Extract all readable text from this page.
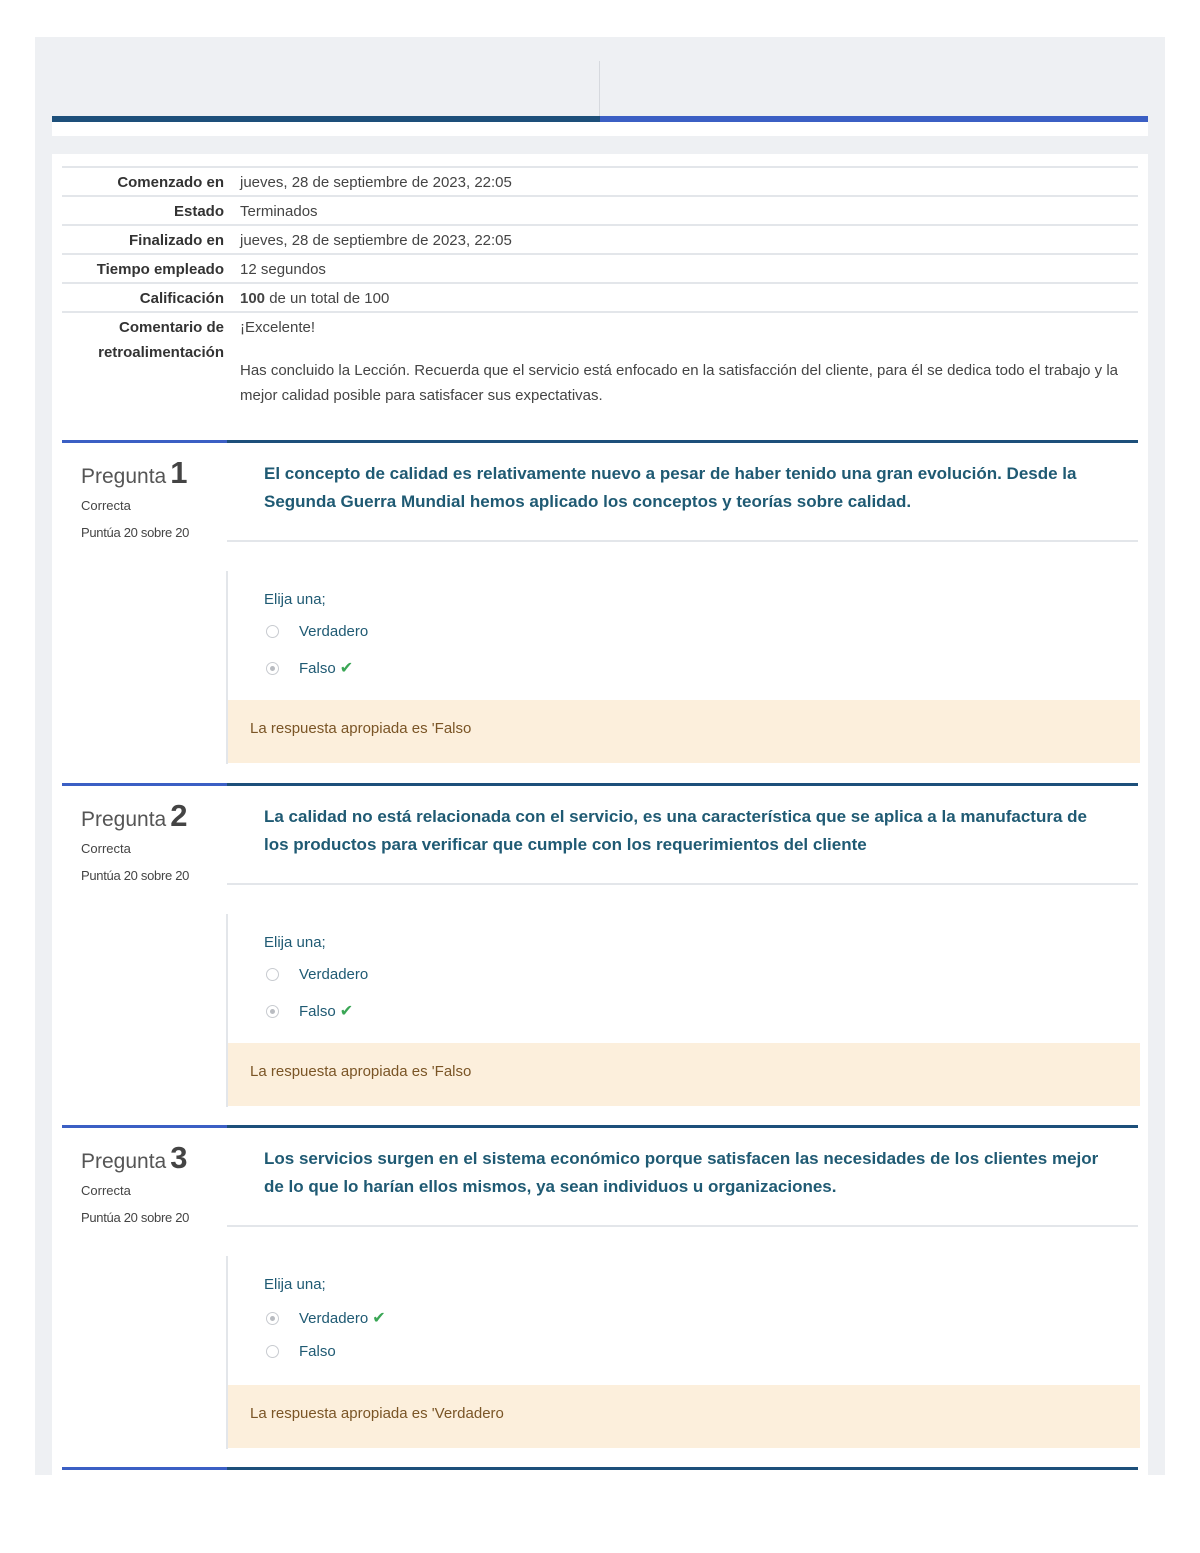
Comenzado en	jueves, 28 de septiembre de 2023, 22:05
Estado	Terminados
Finalizado en	jueves, 28 de septiembre de 2023, 22:05
Tiempo empleado	12 segundos
Calificación	100 de un total de 100
Comentario de retroalimentación	¡Excelente!
Has concluido la Lección. Recuerda que el servicio está enfocado en la satisfacción del cliente, para él se dedica todo el trabajo y la mejor calidad posible para satisfacer sus expectativas.
Pregunta 1
Correcta
Puntúa 20 sobre 20
El concepto de calidad es relativamente nuevo a pesar de haber tenido una gran evolución. Desde la Segunda Guerra Mundial hemos aplicado los conceptos y teorías sobre calidad.
Elija una;
Verdadero
Falso ✔
La respuesta apropiada es 'Falso
Pregunta 2
Correcta
Puntúa 20 sobre 20
La calidad no está relacionada con el servicio, es una característica que se aplica a la manufactura de los productos para verificar que cumple con los requerimientos del cliente
Elija una;
Verdadero
Falso ✔
La respuesta apropiada es 'Falso
Pregunta 3
Correcta
Puntúa 20 sobre 20
Los servicios surgen en el sistema económico porque satisfacen las necesidades de los clientes mejor de lo que lo harían ellos mismos, ya sean individuos u organizaciones.
Elija una;
Verdadero ✔
Falso
La respuesta apropiada es 'Verdadero
